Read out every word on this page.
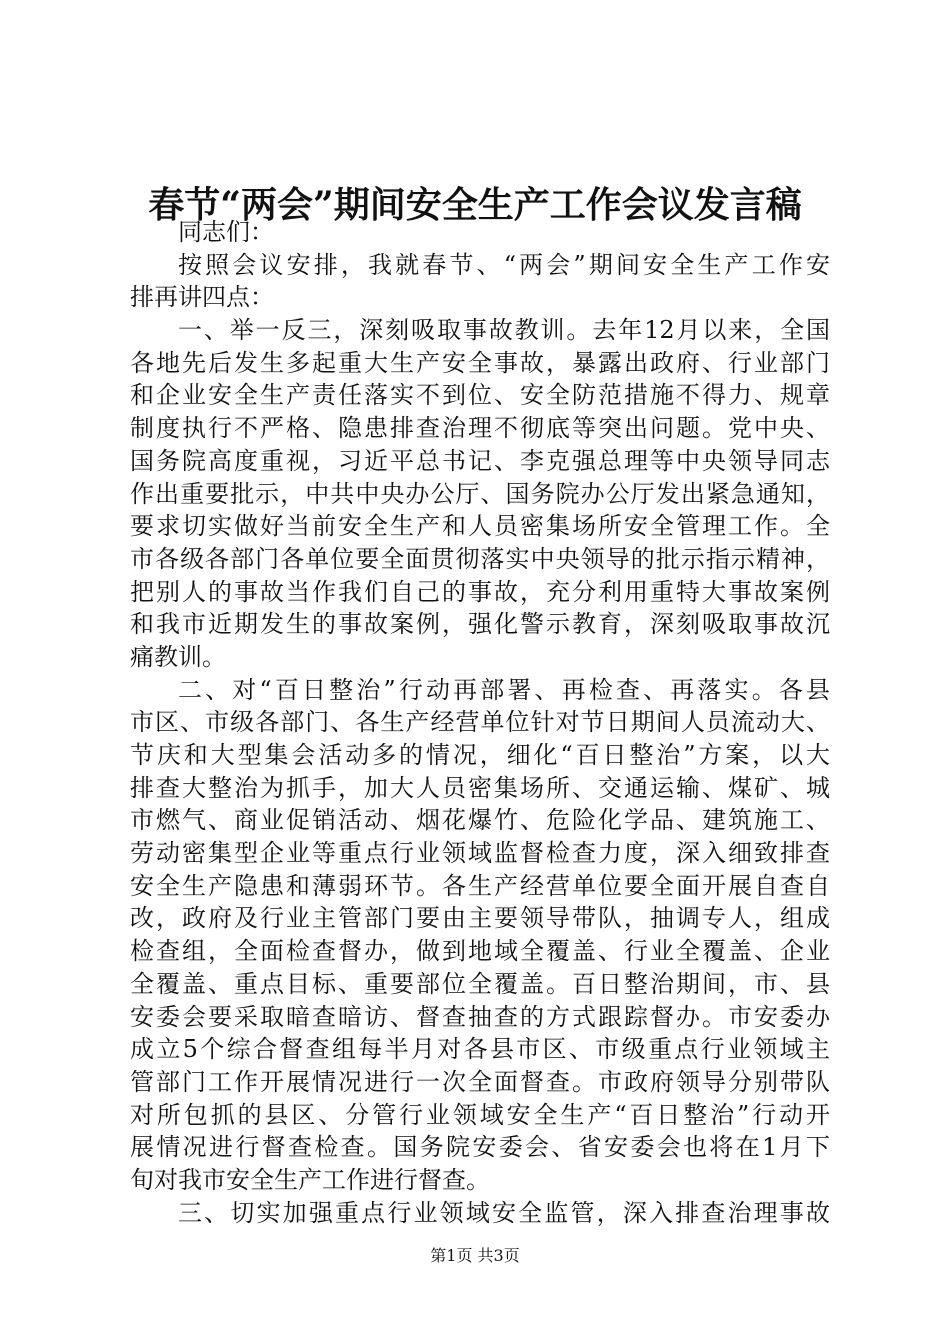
春节“两会”期间安全生产工作会议发言稿
同志们：
按照会议安排，我就春节、“两会”期间安全生产工作安
排再讲四点：
一、举一反三，深刻吸取事故教训。去年12月以来，全国
各地先后发生多起重大生产安全事故，暴露出政府、行业部门
和企业安全生产责任落实不到位、安全防范措施不得力、规章
制度执行不严格、隐患排查治理不彻底等突出问题。党中央、
国务院高度重视，习近平总书记、李克强总理等中央领导同志
作出重要批示，中共中央办公厅、国务院办公厅发出紧急通知，
要求切实做好当前安全生产和人员密集场所安全管理工作。全
市各级各部门各单位要全面贯彻落实中央领导的批示指示精神，
把别人的事故当作我们自己的事故，充分利用重特大事故案例
和我市近期发生的事故案例，强化警示教育，深刻吸取事故沉
痛教训。
二、对“百日整治”行动再部署、再检查、再落实。各县
市区、市级各部门、各生产经营单位针对节日期间人员流动大、
节庆和大型集会活动多的情况，细化“百日整治”方案，以大
排查大整治为抓手，加大人员密集场所、交通运输、煤矿、城
市燃气、商业促销活动、烟花爆竹、危险化学品、建筑施工、
劳动密集型企业等重点行业领域监督检查力度，深入细致排查
安全生产隐患和薄弱环节。各生产经营单位要全面开展自查自
改，政府及行业主管部门要由主要领导带队，抽调专人，组成
检查组，全面检查督办，做到地域全覆盖、行业全覆盖、企业
全覆盖、重点目标、重要部位全覆盖。百日整治期间，市、县
安委会要采取暗查暗访、督查抽查的方式跟踪督办。市安委办
成立5个综合督查组每半月对各县市区、市级重点行业领域主
管部门工作开展情况进行一次全面督查。市政府领导分别带队
对所包抓的县区、分管行业领域安全生产“百日整治”行动开
展情况进行督查检查。国务院安委会、省安委会也将在1月下
旬对我市安全生产工作进行督查。
三、切实加强重点行业领域安全监管，深入排查治理事故
第1页 共3页
